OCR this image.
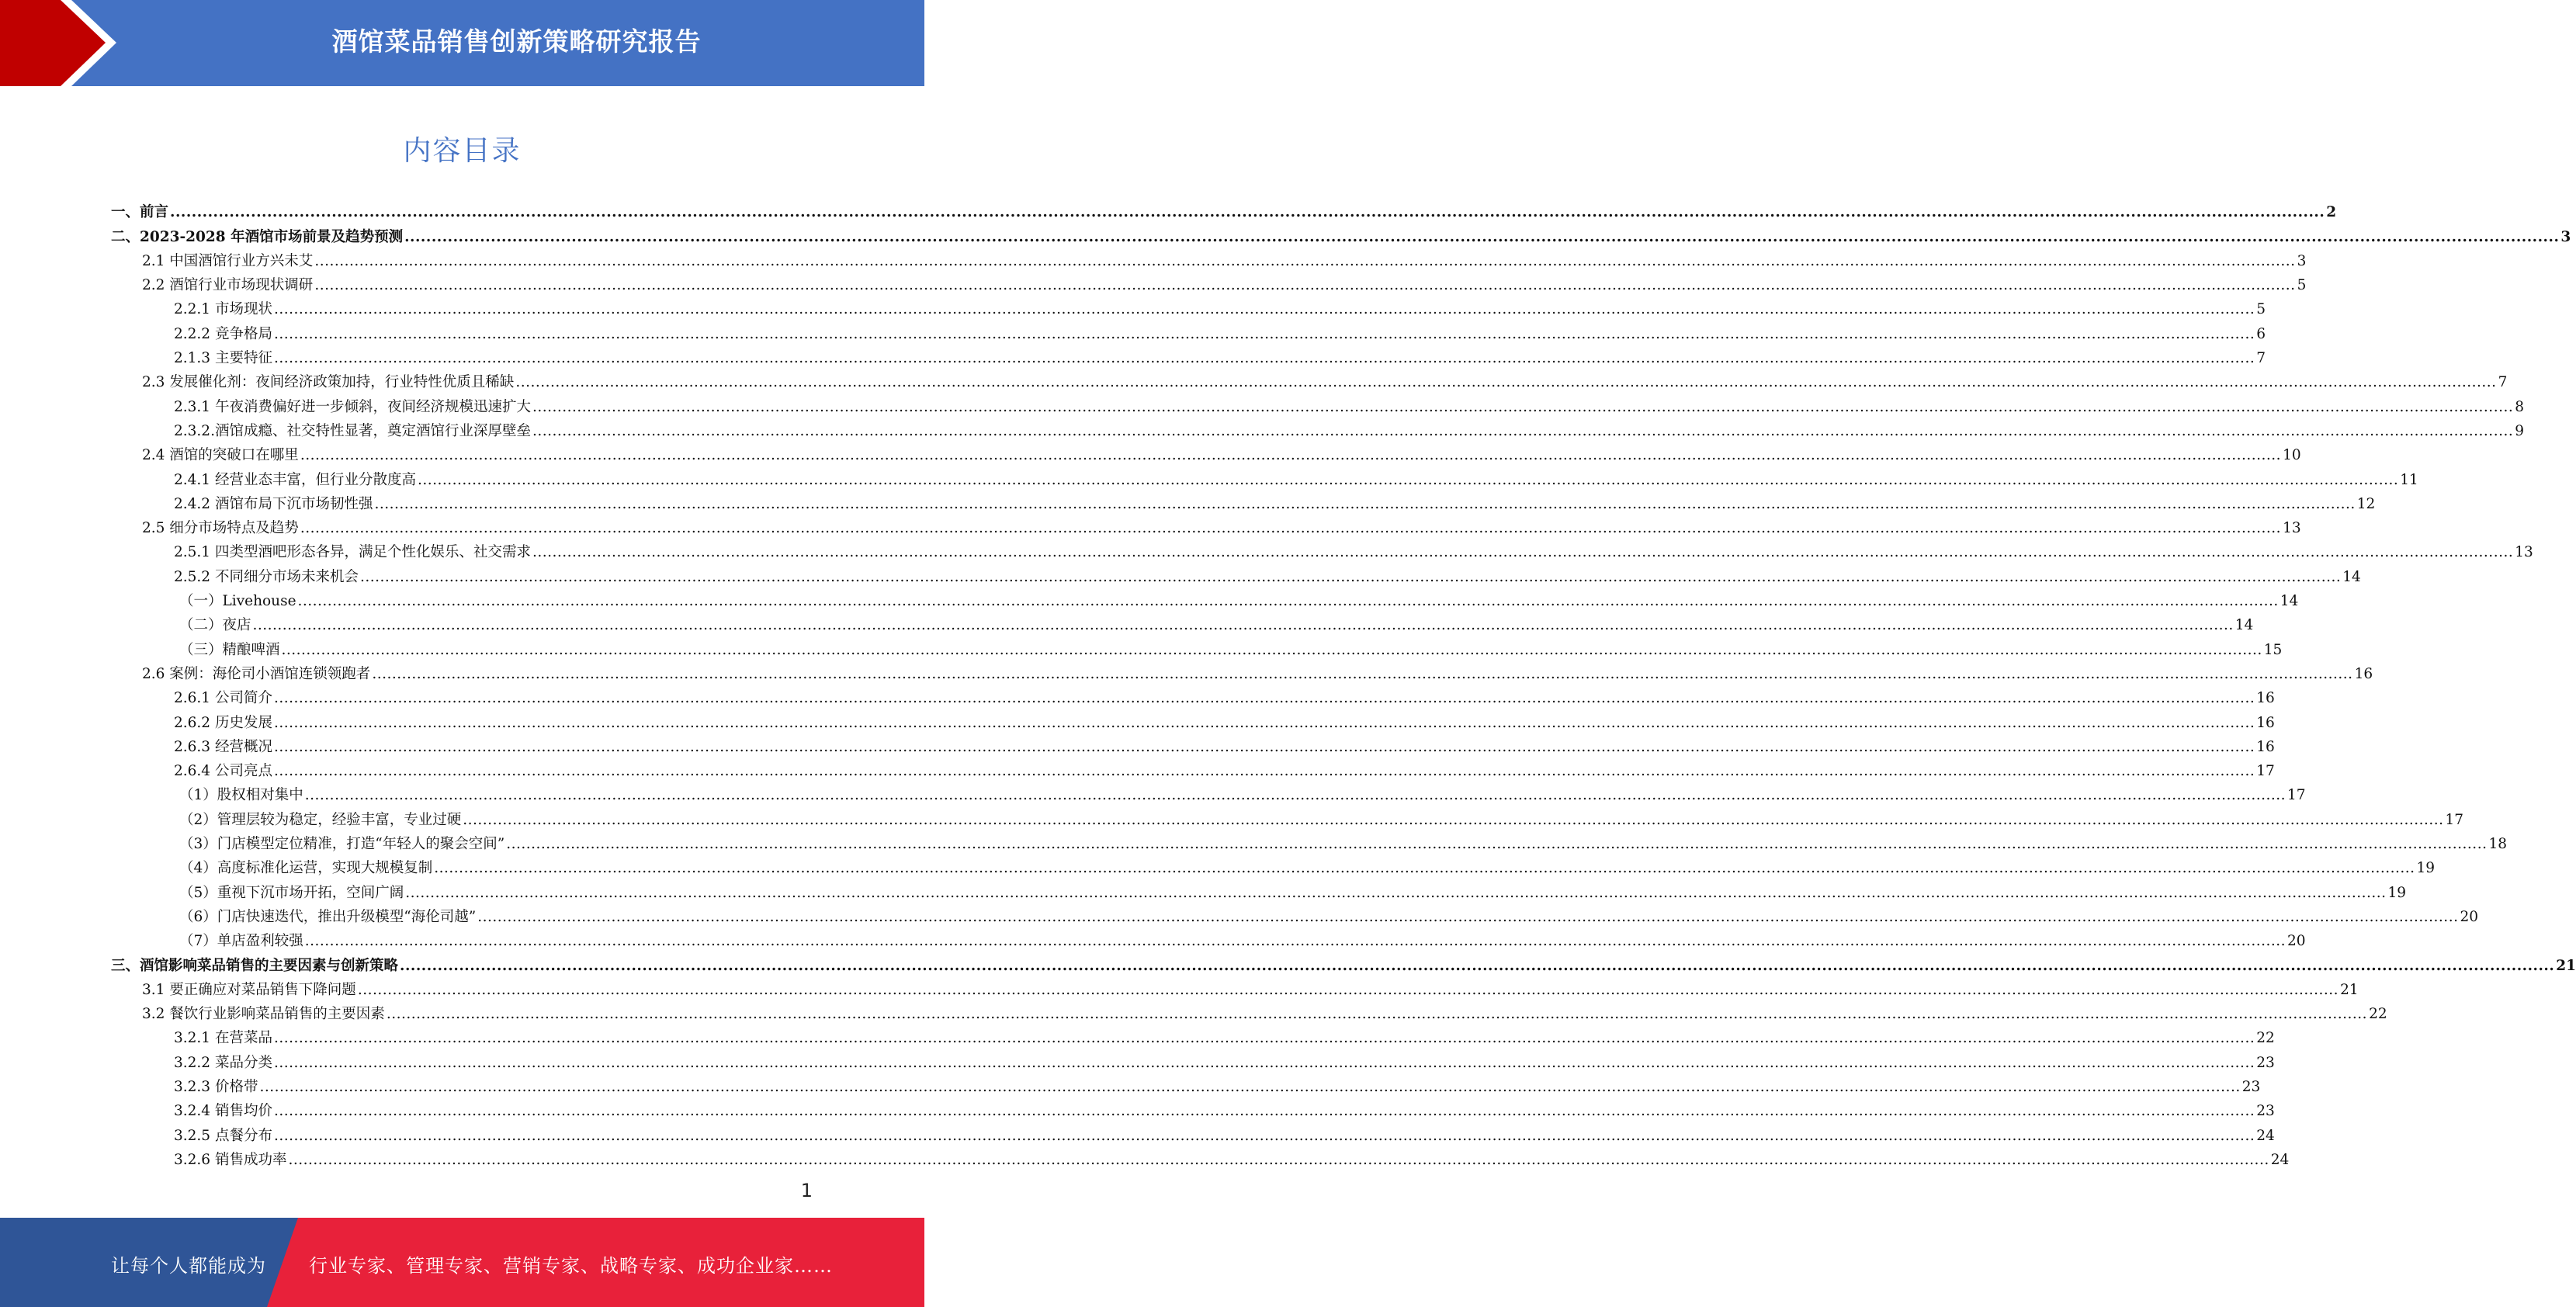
酒馆菜品销售创新策略研究报告
内容目录
一、前言 ................................................................................................................................................................................................................................................................................................................................................................................................................ 2
二、2023-2028 年酒馆市场前景及趋势预测 ................................................................................................................................................................................................................................................................................................................................................................................................................ 3
2.1 中国酒馆行业方兴未艾 ................................................................................................................................................................................................................................................................................................................................................................................................................ 3
2.2 酒馆行业市场现状调研 ................................................................................................................................................................................................................................................................................................................................................................................................................ 5
2.2.1 市场现状 ................................................................................................................................................................................................................................................................................................................................................................................................................ 5
2.2.2 竞争格局 ................................................................................................................................................................................................................................................................................................................................................................................................................ 6
2.1.3 主要特征 ................................................................................................................................................................................................................................................................................................................................................................................................................ 7
2.3 发展催化剂：夜间经济政策加持，行业特性优质且稀缺 ................................................................................................................................................................................................................................................................................................................................................................................................................ 7
2.3.1 午夜消费偏好进一步倾斜，夜间经济规模迅速扩大 ................................................................................................................................................................................................................................................................................................................................................................................................................ 8
2.3.2.酒馆成瘾、社交特性显著，奠定酒馆行业深厚壁垒 ................................................................................................................................................................................................................................................................................................................................................................................................................ 9
2.4 酒馆的突破口在哪里 ................................................................................................................................................................................................................................................................................................................................................................................................................ 10
2.4.1 经营业态丰富，但行业分散度高 ................................................................................................................................................................................................................................................................................................................................................................................................................ 11
2.4.2 酒馆布局下沉市场韧性强 ................................................................................................................................................................................................................................................................................................................................................................................................................ 12
2.5 细分市场特点及趋势 ................................................................................................................................................................................................................................................................................................................................................................................................................ 13
2.5.1 四类型酒吧形态各异，满足个性化娱乐、社交需求 ................................................................................................................................................................................................................................................................................................................................................................................................................ 13
2.5.2 不同细分市场未来机会 ................................................................................................................................................................................................................................................................................................................................................................................................................ 14
（一）Livehouse ................................................................................................................................................................................................................................................................................................................................................................................................................ 14
（二）夜店 ................................................................................................................................................................................................................................................................................................................................................................................................................ 14
（三）精酿啤酒 ................................................................................................................................................................................................................................................................................................................................................................................................................ 15
2.6 案例：海伦司小酒馆连锁领跑者 ................................................................................................................................................................................................................................................................................................................................................................................................................ 16
2.6.1 公司简介 ................................................................................................................................................................................................................................................................................................................................................................................................................ 16
2.6.2 历史发展 ................................................................................................................................................................................................................................................................................................................................................................................................................ 16
2.6.3 经营概况 ................................................................................................................................................................................................................................................................................................................................................................................................................ 16
2.6.4 公司亮点 ................................................................................................................................................................................................................................................................................................................................................................................................................ 17
（1）股权相对集中 ................................................................................................................................................................................................................................................................................................................................................................................................................ 17
（2）管理层较为稳定，经验丰富，专业过硬 ................................................................................................................................................................................................................................................................................................................................................................................................................ 17
（3）门店模型定位精准，打造“年轻人的聚会空间” ................................................................................................................................................................................................................................................................................................................................................................................................................ 18
（4）高度标准化运营，实现大规模复制 ................................................................................................................................................................................................................................................................................................................................................................................................................ 19
（5）重视下沉市场开拓，空间广阔 ................................................................................................................................................................................................................................................................................................................................................................................................................ 19
（6）门店快速迭代，推出升级模型“海伦司越” ................................................................................................................................................................................................................................................................................................................................................................................................................ 20
（7）单店盈利较强 ................................................................................................................................................................................................................................................................................................................................................................................................................ 20
三、酒馆影响菜品销售的主要因素与创新策略 ................................................................................................................................................................................................................................................................................................................................................................................................................ 21
3.1 要正确应对菜品销售下降问题 ................................................................................................................................................................................................................................................................................................................................................................................................................ 21
3.2 餐饮行业影响菜品销售的主要因素 ................................................................................................................................................................................................................................................................................................................................................................................................................ 22
3.2.1 在营菜品 ................................................................................................................................................................................................................................................................................................................................................................................................................ 22
3.2.2 菜品分类 ................................................................................................................................................................................................................................................................................................................................................................................................................ 23
3.2.3 价格带 ................................................................................................................................................................................................................................................................................................................................................................................................................ 23
3.2.4 销售均价 ................................................................................................................................................................................................................................................................................................................................................................................................................ 23
3.2.5 点餐分布 ................................................................................................................................................................................................................................................................................................................................................................................................................ 24
3.2.6 销售成功率 ................................................................................................................................................................................................................................................................................................................................................................................................................ 24
1
让每个人都能成为 行业专家、管理专家、营销专家、战略专家、成功企业家……
